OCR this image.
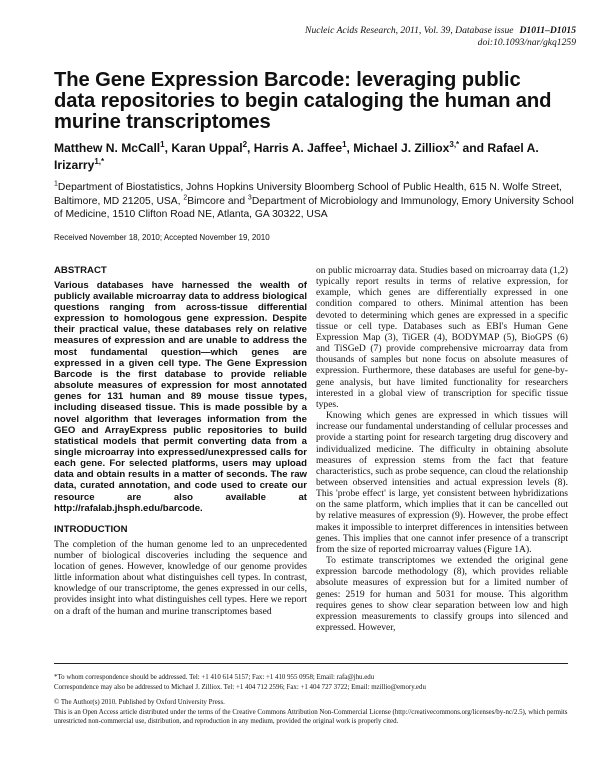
Nucleic Acids Research, 2011, Vol. 39, Database issue D1011–D1015
doi:10.1093/nar/gkq1259
The Gene Expression Barcode: leveraging public data repositories to begin cataloging the human and murine transcriptomes
Matthew N. McCall$^1$, Karan Uppal$^2$, Harris A. Jaffee$^1$, Michael J. Zilliox$^{3,*}$ and Rafael A. Irizarry$^{1,*}$
$^1$Department of Biostatistics, Johns Hopkins University Bloomberg School of Public Health, 615 N. Wolfe Street, Baltimore, MD 21205, USA, $^2$Bimcore and $^3$Department of Microbiology and Immunology, Emory University School of Medicine, 1510 Clifton Road NE, Atlanta, GA 30322, USA
Received November 18, 2010; Accepted November 19, 2010
ABSTRACT

Various databases have harnessed the wealth of publicly available microarray data to address biological questions ranging from across-tissue differential expression to homologous gene expression. Despite their practical value, these databases rely on relative measures of expression and are unable to address the most fundamental question—which genes are expressed in a given cell type. The Gene Expression Barcode is the first database to provide reliable absolute measures of expression for most annotated genes for 131 human and 89 mouse tissue types, including diseased tissue. This is made possible by a novel algorithm that leverages information from the GEO and ArrayExpress public repositories to build statistical models that permit converting data from a single microarray into expressed/unexpressed calls for each gene. For selected platforms, users may upload data and obtain results in a matter of seconds. The raw data, curated annotation, and code used to create our resource are also available at http://rafalab.jhsph.edu/barcode.

INTRODUCTION

The completion of the human genome led to an unprecedented number of biological discoveries including the sequence and location of genes. However, knowledge of our genome provides little information about what distinguishes cell types. In contrast, knowledge of our transcriptome, the genes expressed in our cells, provides insight into what distinguishes cell types. Here we report on a draft of the human and murine transcriptomes based

on public microarray data. Studies based on microarray data (1,2) typically report results in terms of relative expression, for example, which genes are differentially expressed in one condition compared to others. Minimal attention has been devoted to determining which genes are expressed in a specific tissue or cell type. Databases such as EBI's Human Gene Expression Map (3), TiGER (4), BODYMAP (5), BioGPS (6) and TiSGeD (7) provide comprehensive microarray data from thousands of samples but none focus on absolute measures of expression. Furthermore, these databases are useful for gene-by-gene analysis, but have limited functionality for researchers interested in a global view of transcription for specific tissue types.

Knowing which genes are expressed in which tissues will increase our fundamental understanding of cellular processes and provide a starting point for research targeting drug discovery and individualized medicine. The difficulty in obtaining absolute measures of expression stems from the fact that feature characteristics, such as probe sequence, can cloud the relationship between observed intensities and actual expression levels (8). This 'probe effect' is large, yet consistent between hybridizations on the same platform, which implies that it can be cancelled out by relative measures of expression (9). However, the probe effect makes it impossible to interpret differences in intensities between genes. This implies that one cannot infer presence of a transcript from the size of reported microarray values (Figure 1A).

To estimate transcriptomes we extended the original gene expression barcode methodology (8), which provides reliable absolute measures of expression but for a limited number of genes: 2519 for human and 5031 for mouse. This algorithm requires genes to show clear separation between low and high expression measurements to classify groups into silenced and expressed. However,

*To whom correspondence should be addressed. Tel: +1 410 614 5157; Fax: +1 410 955 0958; Email: rafa@jhu.edu
Correspondence may also be addressed to Michael J. Zilliox. Tel: +1 404 712 2596; Fax: +1 404 727 3722; Email: mzillio@emory.edu
© The Author(s) 2010. Published by Oxford University Press.
This is an Open Access article distributed under the terms of the Creative Commons Attribution Non-Commercial License (http://creativecommons.org/licenses/by-nc/2.5), which permits unrestricted non-commercial use, distribution, and reproduction in any medium, provided the original work is properly cited.
